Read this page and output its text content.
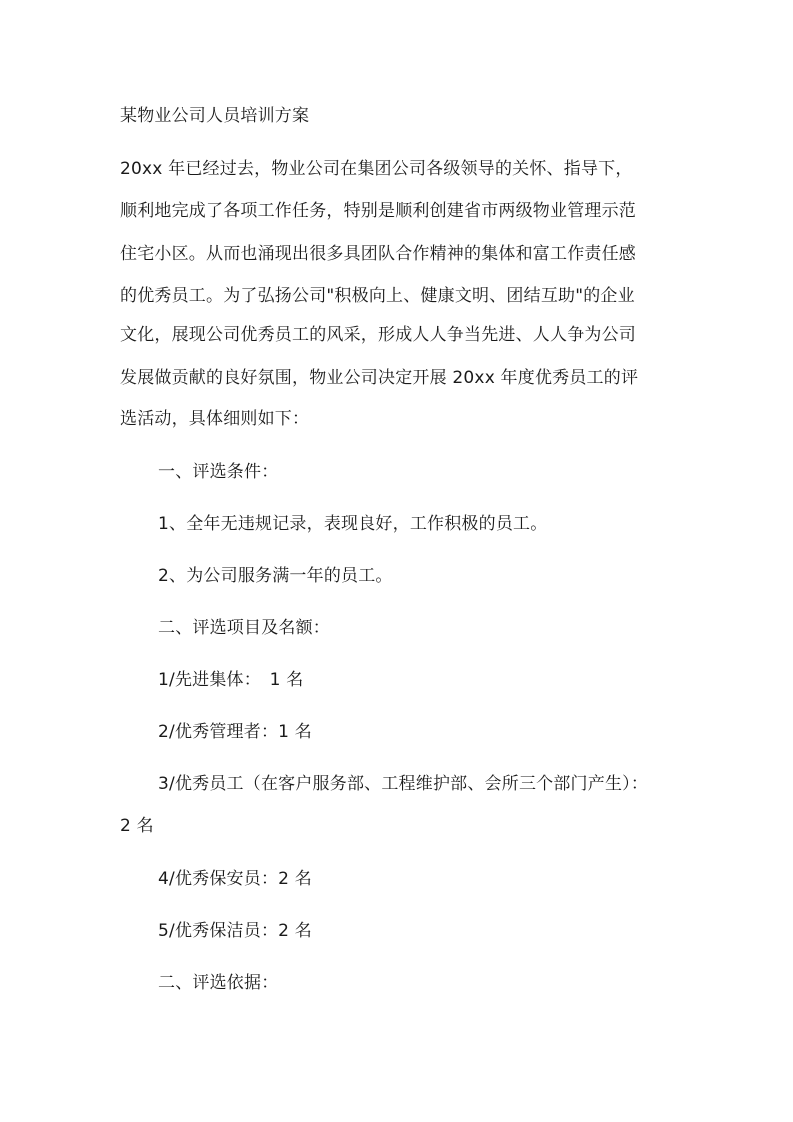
某物业公司人员培训方案
20xx 年已经过去，物业公司在集团公司各级领导的关怀、指导下，
顺利地完成了各项工作任务，特别是顺利创建省市两级物业管理示范
住宅小区。从而也涌现出很多具团队合作精神的集体和富工作责任感
的优秀员工。为了弘扬公司"积极向上、健康文明、团结互助"的企业
文化，展现公司优秀员工的风采，形成人人争当先进、人人争为公司
发展做贡献的良好氛围，物业公司决定开展 20xx 年度优秀员工的评
选活动，具体细则如下：
一、评选条件：
1、全年无违规记录，表现良好，工作积极的员工。
2、为公司服务满一年的员工。
二、评选项目及名额：
1/先进集体：　1 名
2/优秀管理者：1 名
3/优秀员工（在客户服务部、工程维护部、会所三个部门产生）：
2 名
4/优秀保安员：2 名
5/优秀保洁员：2 名
二、评选依据：
